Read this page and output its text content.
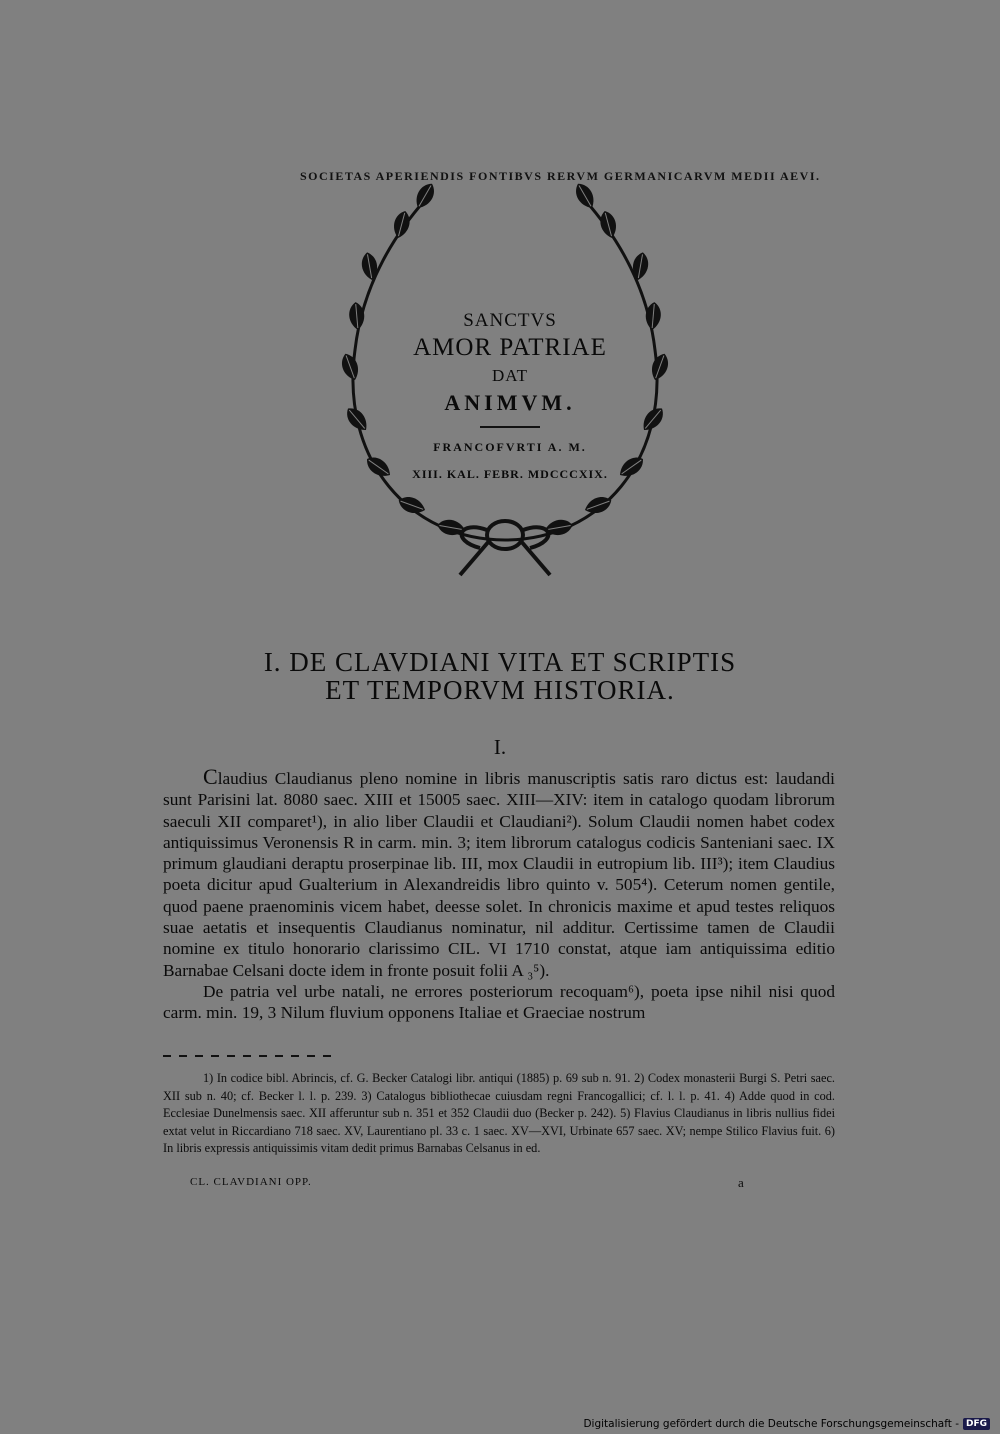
SOCIETAS APERIENDIS FONTIBVS RERVM GERMANICARVM MEDII AEVI.
SANCTVS
AMOR PATRIAE
DAT
ANIMVM.
FRANCOFVRTI A. M.
XIII. KAL. FEBR. MDCCCXIX.
I. DE CLAVDIANI VITA ET SCRIPTIS
ET TEMPORVM HISTORIA.
I.

Claudius Claudianus pleno nomine in libris manuscriptis satis raro dictus est: laudandi sunt Parisini lat. 8080 saec. XIII et 15005 saec. XIII—XIV: item in catalogo quodam librorum saeculi XII comparet¹), in alio liber Claudii et Claudiani²). Solum Claudii nomen habet codex antiquissimus Veronensis R in carm. min. 3; item librorum catalogus codicis Santeniani saec. IX primum glaudiani deraptu proserpinae lib. III, mox Claudii in eutropium lib. III³); item Claudius poeta dicitur apud Gualterium in Alexandreidis libro quinto v. 505⁴). Ceterum nomen gentile, quod paene praenominis vicem habet, deesse solet. In chronicis maxime et apud testes reliquos suae aetatis et insequentis Claudianus nominatur, nil additur. Certissime tamen de Claudii nomine ex titulo honorario clarissimo CIL. VI 1710 constat, atque iam antiquissima editio Barnabae Celsani docte idem in fronte posuit folii A ₃⁵).

De patria vel urbe natali, ne errores posteriorum recoquam⁶), poeta ipse nihil nisi quod carm. min. 19, 3 Nilum fluvium opponens Italiae et Graeciae nostrum

1) In codice bibl. Abrincis, cf. G. Becker Catalogi libr. antiqui (1885) p. 69 sub n. 91. 2) Codex monasterii Burgi S. Petri saec. XII sub n. 40; cf. Becker l. l. p. 239. 3) Catalogus bibliothecae cuiusdam regni Francogallici; cf. l. l. p. 41. 4) Adde quod in cod. Ecclesiae Dunelmensis saec. XII afferuntur sub n. 351 et 352 Claudii duo (Becker p. 242). 5) Flavius Claudianus in libris nullius fidei extat velut in Riccardiano 718 saec. XV, Laurentiano pl. 33 c. 1 saec. XV—XVI, Urbinate 657 saec. XV; nempe Stilico Flavius fuit. 6) In libris expressis antiquissimis vitam dedit primus Barnabas Celsanus in ed.

CL. CLAVDIANI OPP.	a
Digitalisierung gefördert durch die Deutsche Forschungsgemeinschaft - DFG
